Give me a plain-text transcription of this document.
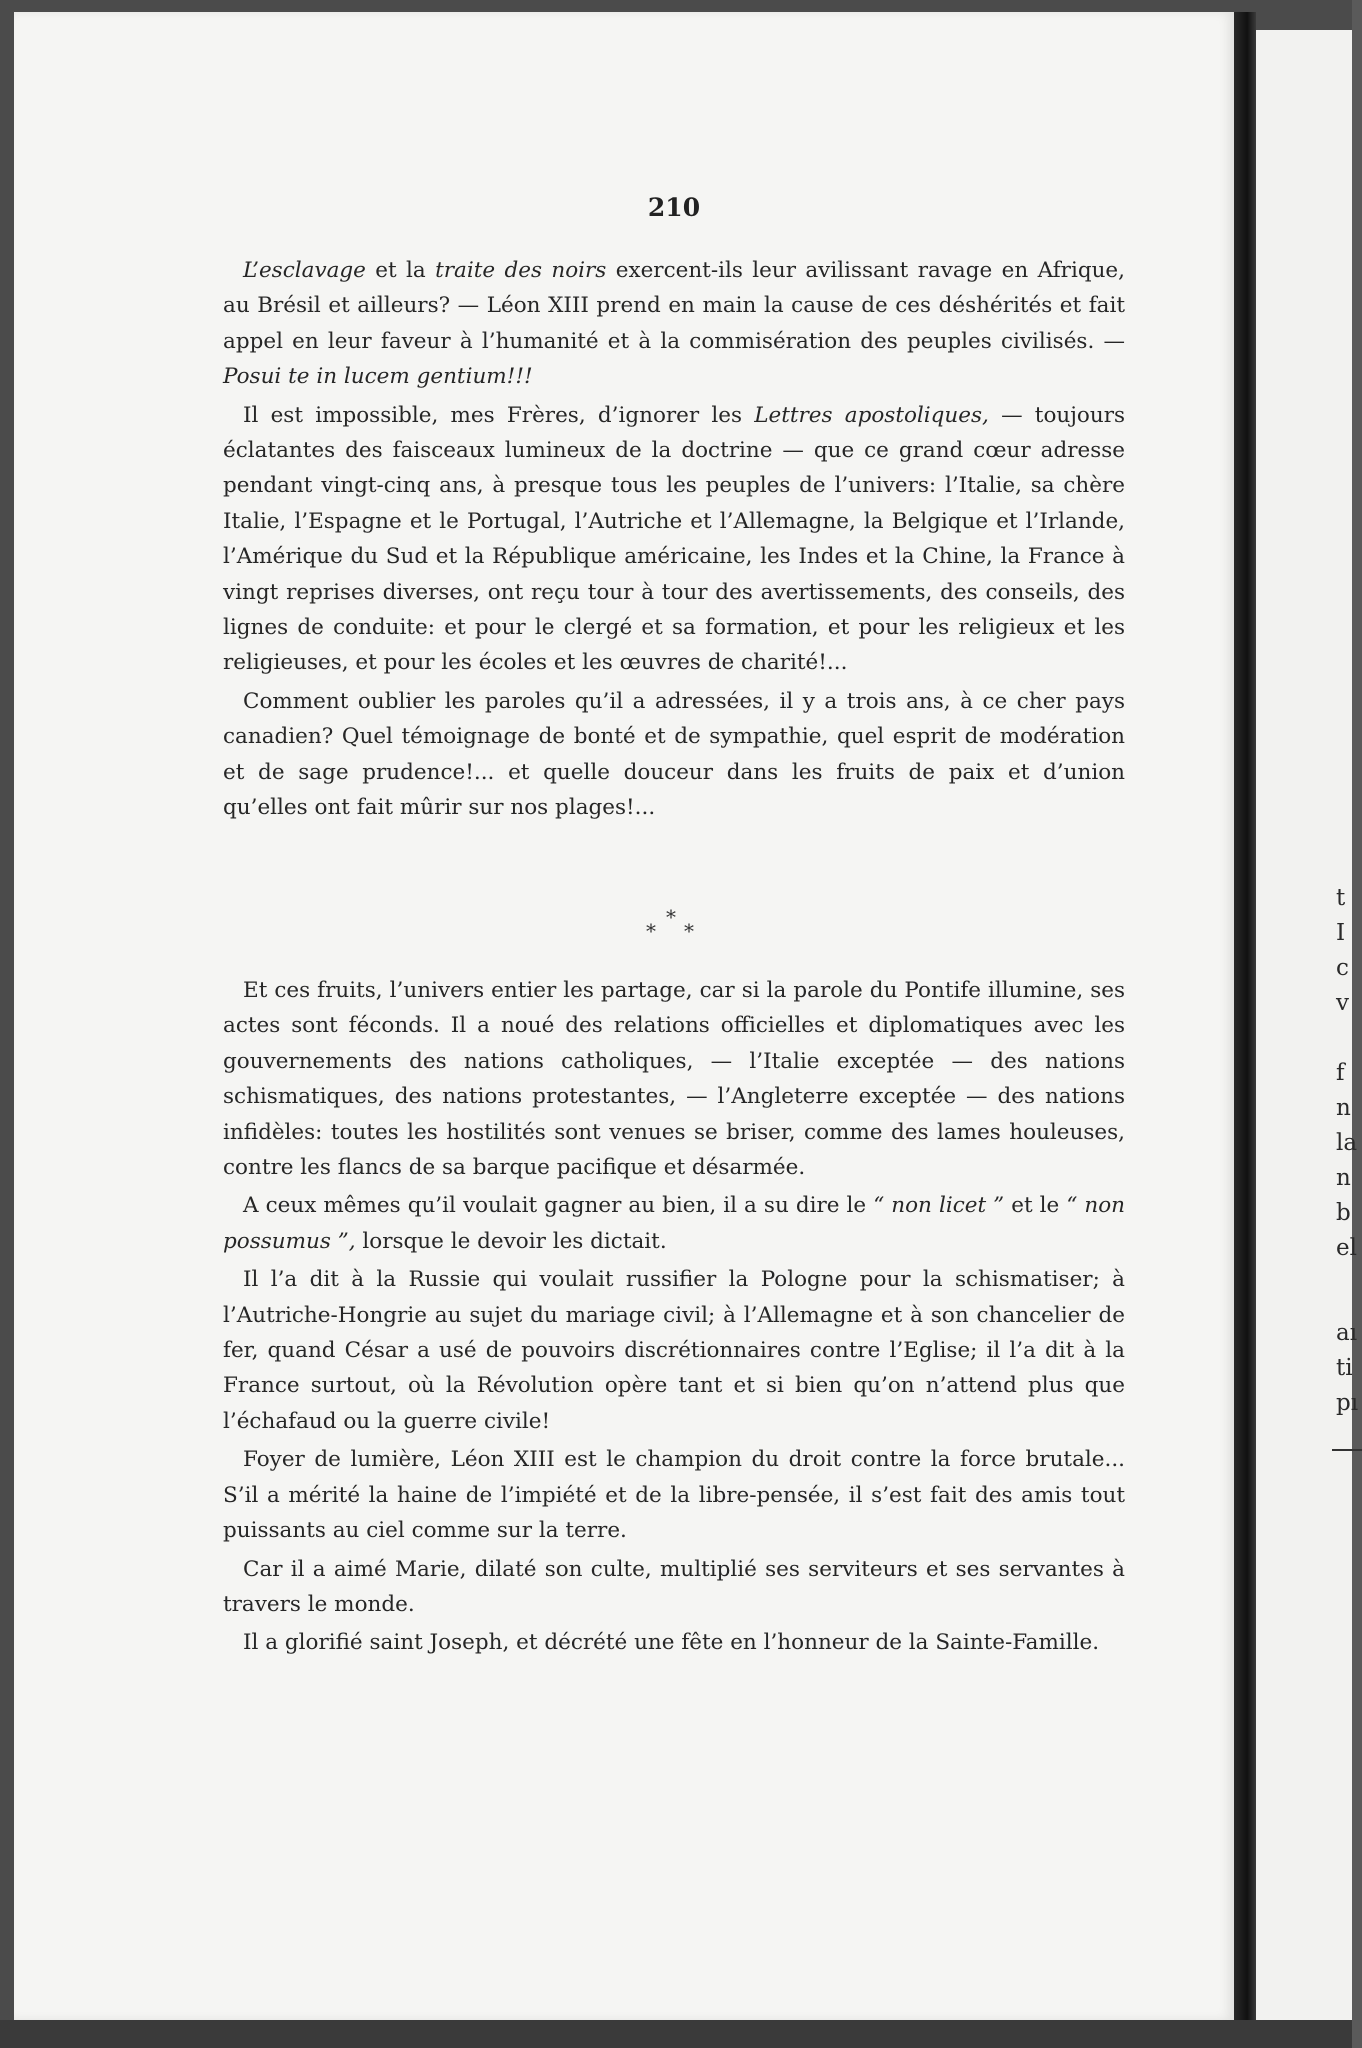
210

L’esclavage et la traite des noirs exercent-ils leur avilissant ravage en Afrique, au Brésil et ailleurs? — Léon XIII prend en main la cause de ces déshérités et fait appel en leur faveur à l’humanité et à la commisération des peuples civilisés. — Posui te in lucem gentium!!!

Il est impossible, mes Frères, d’ignorer les Lettres apostoliques, — toujours éclatantes des faisceaux lumineux de la doctrine — que ce grand cœur adresse pendant vingt-cinq ans, à presque tous les peuples de l’univers: l’Italie, sa chère Italie, l’Espagne et le Portugal, l’Autriche et l’Allemagne, la Belgique et l’Irlande, l’Amérique du Sud et la République américaine, les Indes et la Chine, la France à vingt reprises diverses, ont reçu tour à tour des avertissements, des conseils, des lignes de conduite: et pour le clergé et sa formation, et pour les religieux et les religieuses, et pour les écoles et les œuvres de charité!...

Comment oublier les paroles qu’il a adressées, il y a trois ans, à ce cher pays canadien? Quel témoignage de bonté et de sympathie, quel esprit de modération et de sage prudence!... et quelle douceur dans les fruits de paix et d’union qu’elles ont fait mûrir sur nos plages!...

*
* *

Et ces fruits, l’univers entier les partage, car si la parole du Pontife illumine, ses actes sont féconds. Il a noué des relations officielles et diplomatiques avec les gouvernements des nations catholiques, — l’Italie exceptée — des nations schismatiques, des nations protestantes, — l’Angleterre exceptée — des nations infidèles: toutes les hostilités sont venues se briser, comme des lames houleuses, contre les flancs de sa barque pacifique et désarmée.

A ceux mêmes qu’il voulait gagner au bien, il a su dire le “ non licet ” et le “ non possumus ”, lorsque le devoir les dictait.

Il l’a dit à la Russie qui voulait russifier la Pologne pour la schismatiser; à l’Autriche-Hongrie au sujet du mariage civil; à l’Allemagne et à son chancelier de fer, quand César a usé de pouvoirs discrétionnaires contre l’Eglise; il l’a dit à la France surtout, où la Révolution opère tant et si bien qu’on n’attend plus que l’échafaud ou la guerre civile!

Foyer de lumière, Léon XIII est le champion du droit contre la force brutale... S’il a mérité la haine de l’impiété et de la libre-pensée, il s’est fait des amis tout puissants au ciel comme sur la terre.

Car il a aimé Marie, dilaté son culte, multiplié ses serviteurs et ses servantes à travers le monde.

Il a glorifié saint Joseph, et décrété une fête en l’honneur de la Sainte-Famille.

t
I
c
v
f
n
la
n
b
el
aı
ti
pı
